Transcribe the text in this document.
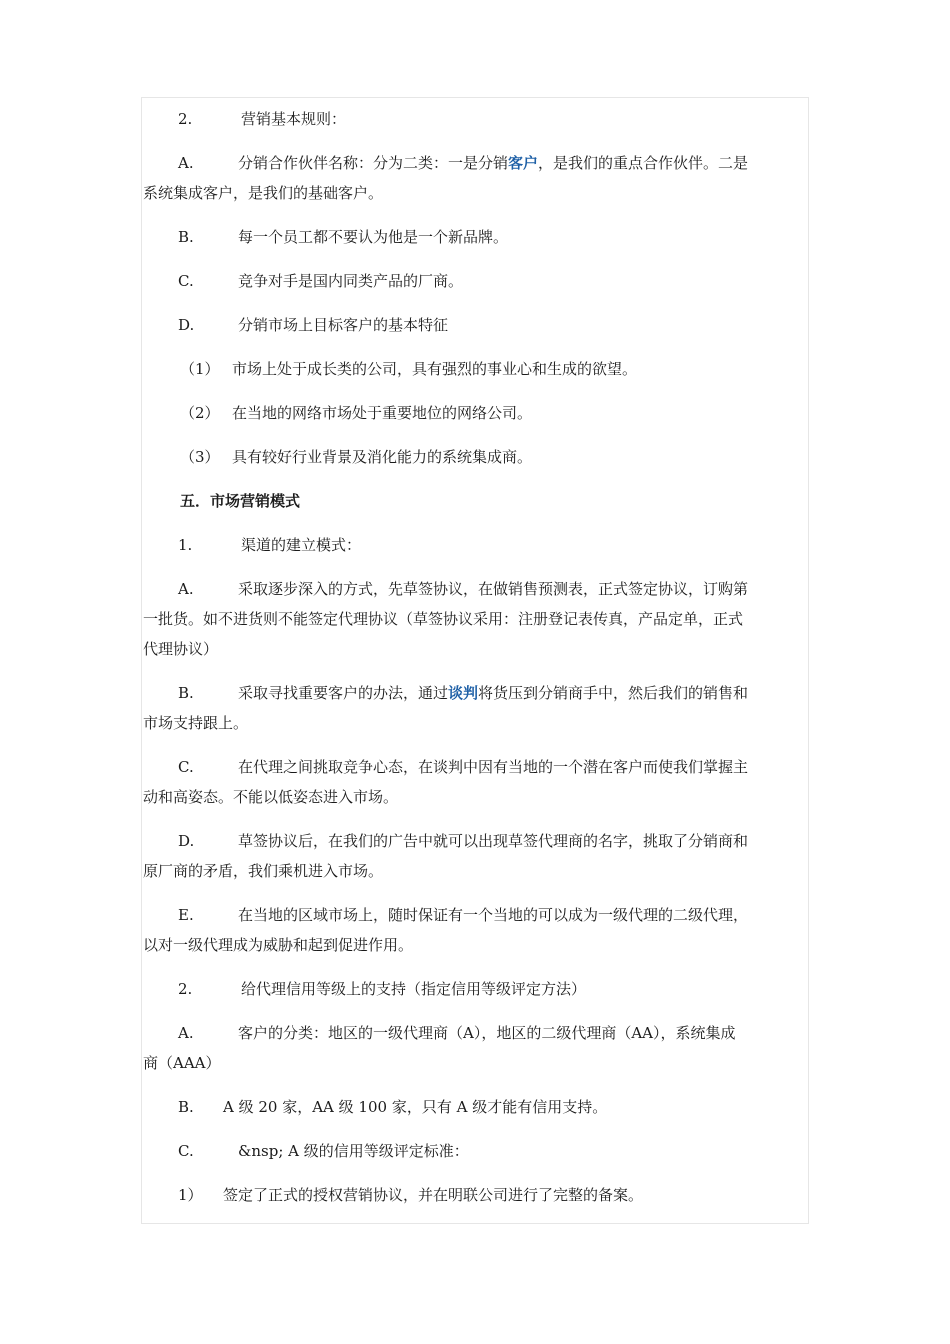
2.	营销基本规则：
A.	分销合作伙伴名称：分为二类：一是分销客户，是我们的重点合作伙伴。二是
系统集成客户，是我们的基础客户。
B.	每一个员工都不要认为他是一个新品牌。
C.	竞争对手是国内同类产品的厂商。
D.	分销市场上目标客户的基本特征
（1） 市场上处于成长类的公司，具有强烈的事业心和生成的欲望。
（2） 在当地的网络市场处于重要地位的网络公司。
（3） 具有较好行业背景及消化能力的系统集成商。
五．市场营销模式
1.	渠道的建立模式：
A.	采取逐步深入的方式，先草签协议，在做销售预测表，正式签定协议，订购第
一批货。如不进货则不能签定代理协议（草签协议采用：注册登记表传真，产品定单，正式
代理协议）
B.	采取寻找重要客户的办法，通过谈判将货压到分销商手中，然后我们的销售和
市场支持跟上。
C.	在代理之间挑取竞争心态，在谈判中因有当地的一个潜在客户而使我们掌握主
动和高姿态。不能以低姿态进入市场。
D.	草签协议后，在我们的广告中就可以出现草签代理商的名字，挑取了分销商和
原厂商的矛盾，我们乘机进入市场。
E.	在当地的区域市场上，随时保证有一个当地的可以成为一级代理的二级代理，
以对一级代理成为威胁和起到促进作用。
2.	给代理信用等级上的支持（指定信用等级评定方法）
A.	客户的分类：地区的一级代理商（A），地区的二级代理商（AA），系统集成
商（AAA）
B. A 级 20 家，AA 级 100 家，只有 A 级才能有信用支持。
C.	&nsp; A 级的信用等级评定标准：
1） 签定了正式的授权营销协议，并在明联公司进行了完整的备案。
